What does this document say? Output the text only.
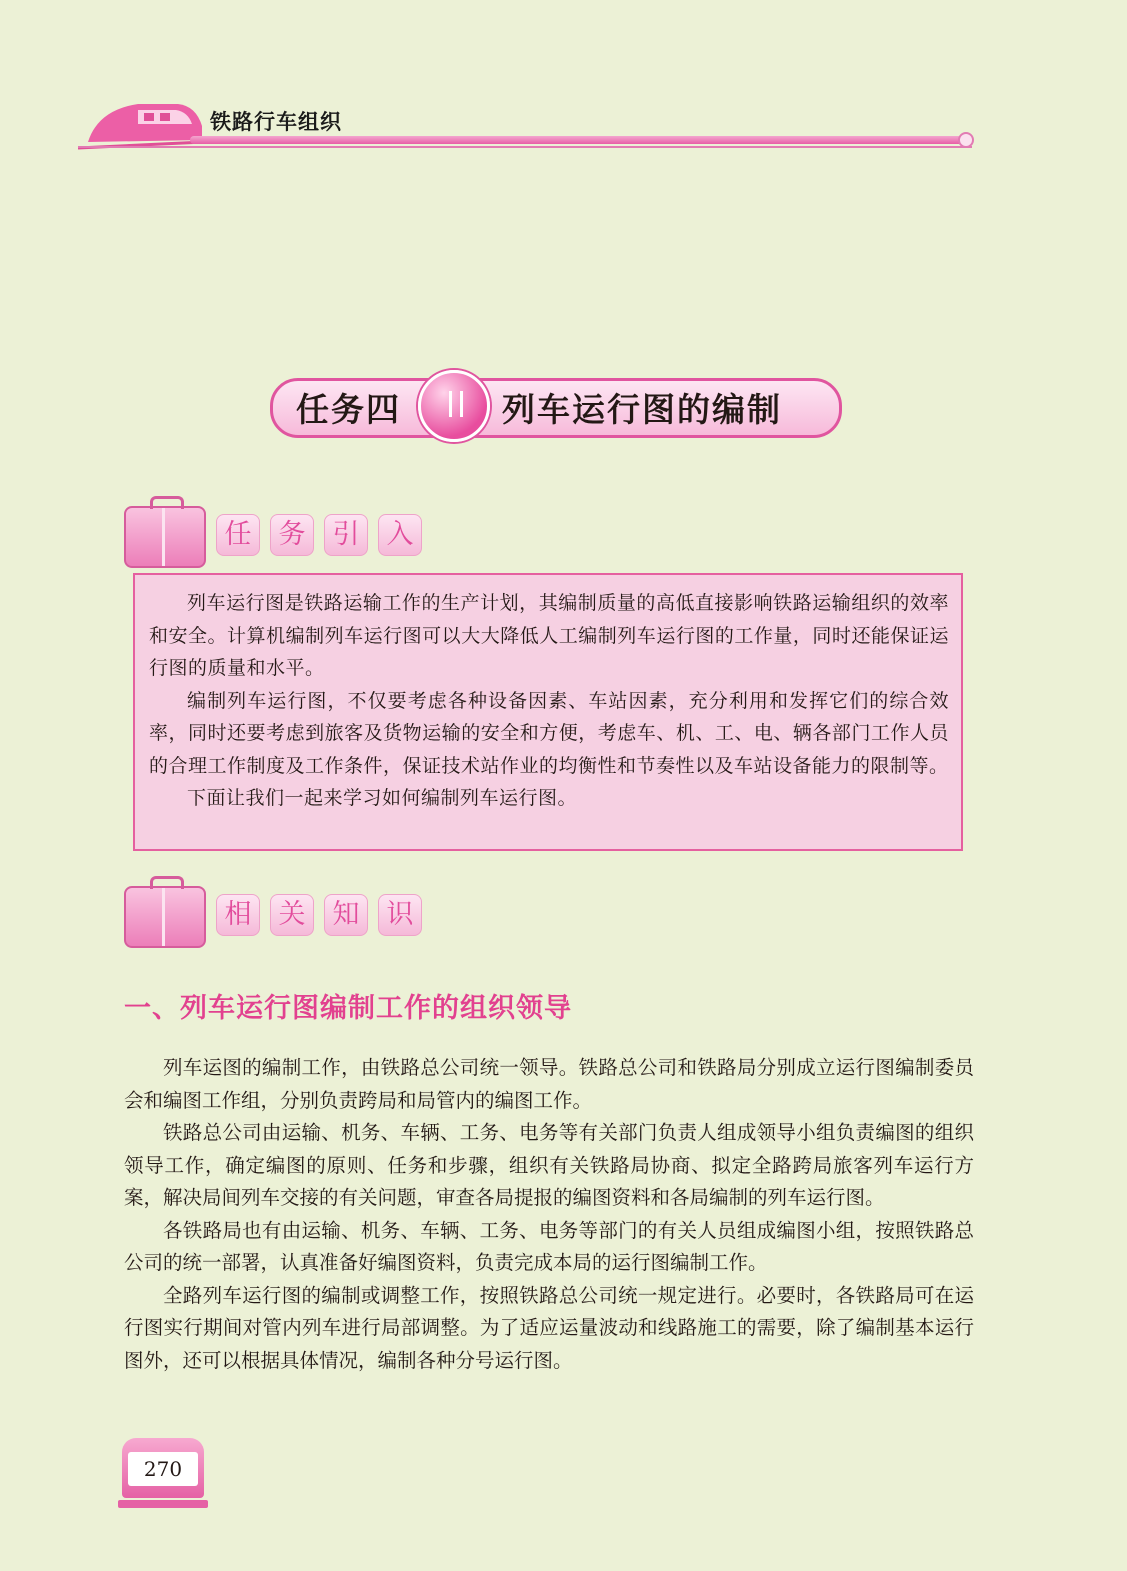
铁路行车组织
任务四	列车运行图的编制
任	务	引	入

列车运行图是铁路运输工作的生产计划，其编制质量的高低直接影响铁路运输组织的效率和安全。计算机编制列车运行图可以大大降低人工编制列车运行图的工作量，同时还能保证运行图的质量和水平。

编制列车运行图，不仅要考虑各种设备因素、车站因素，充分利用和发挥它们的综合效率，同时还要考虑到旅客及货物运输的安全和方便，考虑车、机、工、电、辆各部门工作人员的合理工作制度及工作条件，保证技术站作业的均衡性和节奏性以及车站设备能力的限制等。

下面让我们一起来学习如何编制列车运行图。

相	关	知	识
一、列车运行图编制工作的组织领导

列车运图的编制工作，由铁路总公司统一领导。铁路总公司和铁路局分别成立运行图编制委员会和编图工作组，分别负责跨局和局管内的编图工作。

铁路总公司由运输、机务、车辆、工务、电务等有关部门负责人组成领导小组负责编图的组织领导工作，确定编图的原则、任务和步骤，组织有关铁路局协商、拟定全路跨局旅客列车运行方案，解决局间列车交接的有关问题，审查各局提报的编图资料和各局编制的列车运行图。

各铁路局也有由运输、机务、车辆、工务、电务等部门的有关人员组成编图小组，按照铁路总公司的统一部署，认真准备好编图资料，负责完成本局的运行图编制工作。

全路列车运行图的编制或调整工作，按照铁路总公司统一规定进行。必要时，各铁路局可在运行图实行期间对管内列车进行局部调整。为了适应运量波动和线路施工的需要，除了编制基本运行图外，还可以根据具体情况，编制各种分号运行图。

270
